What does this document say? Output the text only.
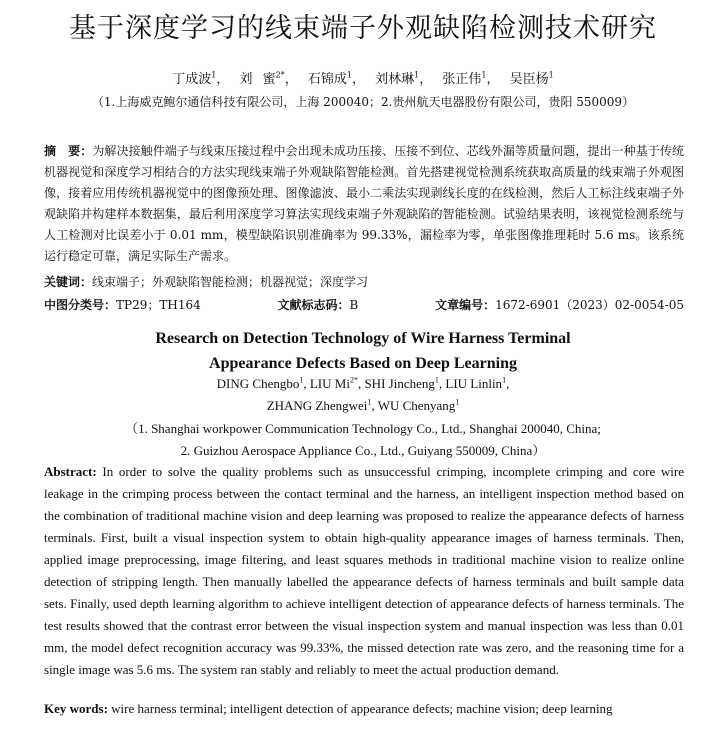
基于深度学习的线束端子外观缺陷检测技术研究
丁成波$^1$， 刘 蜜$^{2*}$， 石锦成$^1$， 刘林琳$^1$， 张正伟$^1$， 吴臣杨$^1$
（1.上海威克鲍尔通信科技有限公司，上海 200040；2.贵州航天电器股份有限公司，贵阳 550009）
摘　要：为解决接触件端子与线束压接过程中会出现未成功压接、压接不到位、芯线外漏等质量问题，提出一种基于传统机器视觉和深度学习相结合的方法实现线束端子外观缺陷智能检测。首先搭建视觉检测系统获取高质量的线束端子外观图像，接着应用传统机器视觉中的图像预处理、图像滤波、最小二乘法实现剥线长度的在线检测，然后人工标注线束端子外观缺陷并构建样本数据集，最后利用深度学习算法实现线束端子外观缺陷的智能检测。试验结果表明，该视觉检测系统与人工检测对比误差小于 0.01 mm，模型缺陷识别准确率为 99.33%，漏检率为零，单张图像推理耗时 5.6 ms。该系统运行稳定可靠，满足实际生产需求。
关键词：线束端子；外观缺陷智能检测；机器视觉；深度学习
中图分类号：TP29；TH164	文献标志码：B	文章编号：1672-6901（2023）02-0054-05
Research on Detection Technology of Wire Harness Terminal
Appearance Defects Based on Deep Learning
DING Chengbo$^1$, LIU $Mi^{2*}$, SHI Jincheng$^1$, LIU Linlin$^1$,
ZHANG Zhengwei$^1$, WU Chenyang$^1$
（1. Shanghai workpower Communication Technology Co., Ltd., Shanghai 200040, China;
2. Guizhou Aerospace Appliance Co., Ltd., Guiyang 550009, China）

Abstract: In order to solve the quality problems such as unsuccessful crimping, incomplete crimping and core wire leakage in the crimping process between the contact terminal and the harness, an intelligent inspection method based on the combination of traditional machine vision and deep learning was proposed to realize the appearance defects of harness terminals. First, built a visual inspection system to obtain high-quality appearance images of harness terminals. Then, applied image preprocessing, image filtering, and least squares methods in traditional machine vision to realize online detection of stripping length. Then manually labelled the appearance defects of harness terminals and built sample data sets. Finally, used depth learning algorithm to achieve intelligent detection of appearance defects of harness terminals. The test results showed that the contrast error between the visual inspection system and manual inspection was less than 0.01 mm, the model defect recognition accuracy was 99.33%, the missed detection rate was zero, and the reasoning time for a single image was 5.6 ms. The system ran stably and reliably to meet the actual production demand.

Key words: wire harness terminal; intelligent detection of appearance defects; machine vision; deep learning
